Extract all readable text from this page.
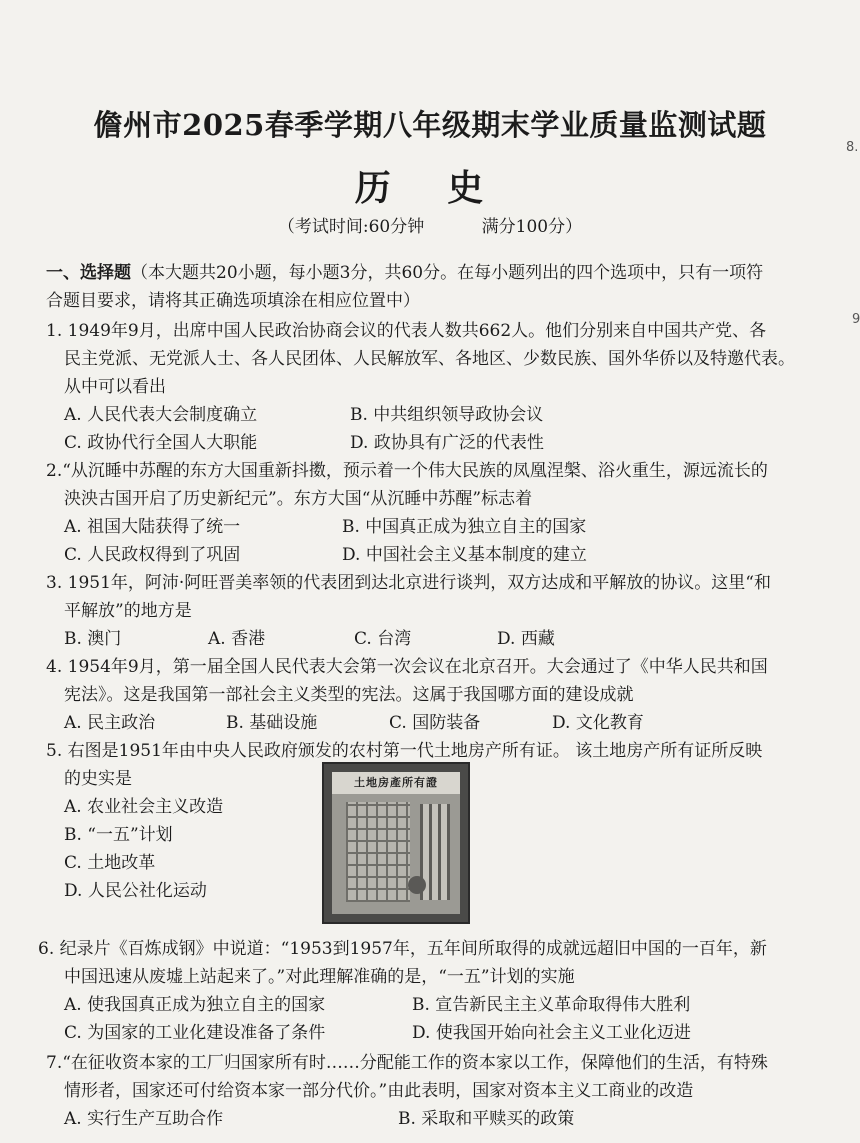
儋州市2025春季学期八年级期末学业质量监测试题
历 史
（考试时间:60分钟	满分100分）
8.
9
一、选择题（本大题共20小题，每小题3分，共60分。在每小题列出的四个选项中，只有一项符
合题目要求，请将其正确选项填涂在相应位置中）
1. 1949年9月，出席中国人民政治协商会议的代表人数共662人。他们分别来自中国共产党、各
民主党派、无党派人士、各人民团体、人民解放军、各地区、少数民族、国外华侨以及特邀代表。
从中可以看出
A. 人民代表大会制度确立	B. 中共组织领导政协会议
C. 政协代行全国人大职能	D. 政协具有广泛的代表性
2.“从沉睡中苏醒的东方大国重新抖擞，预示着一个伟大民族的凤凰涅槃、浴火重生，源远流长的
泱泱古国开启了历史新纪元”。东方大国“从沉睡中苏醒”标志着
A. 祖国大陆获得了统一	B. 中国真正成为独立自主的国家
C. 人民政权得到了巩固	D. 中国社会主义基本制度的建立
3. 1951年，阿沛·阿旺晋美率领的代表团到达北京进行谈判，双方达成和平解放的协议。这里“和
平解放”的地方是
B. 澳门	A. 香港	C. 台湾	D. 西藏
4. 1954年9月，第一届全国人民代表大会第一次会议在北京召开。大会通过了《中华人民共和国
宪法》。这是我国第一部社会主义类型的宪法。这属于我国哪方面的建设成就
A. 民主政治	B. 基础设施	C. 国防装备	D. 文化教育
5. 右图是1951年由中央人民政府颁发的农村第一代土地房产所有证。 该土地房产所有证所反映
的史实是
A. 农业社会主义改造
B. “一五”计划
C. 土地改革
D. 人民公社化运动
土地房產所有證
6. 纪录片《百炼成钢》中说道：“1953到1957年，五年间所取得的成就远超旧中国的一百年，新
中国迅速从废墟上站起来了。”对此理解准确的是，“一五”计划的实施
A. 使我国真正成为独立自主的国家	B. 宣告新民主主义革命取得伟大胜利
C. 为国家的工业化建设准备了条件	D. 使我国开始向社会主义工业化迈进
7.“在征收资本家的工厂归国家所有时……分配能工作的资本家以工作，保障他们的生活，有特殊
情形者，国家还可付给资本家一部分代价。”由此表明，国家对资本主义工商业的改造
A. 实行生产互助合作	B. 采取和平赎买的政策
